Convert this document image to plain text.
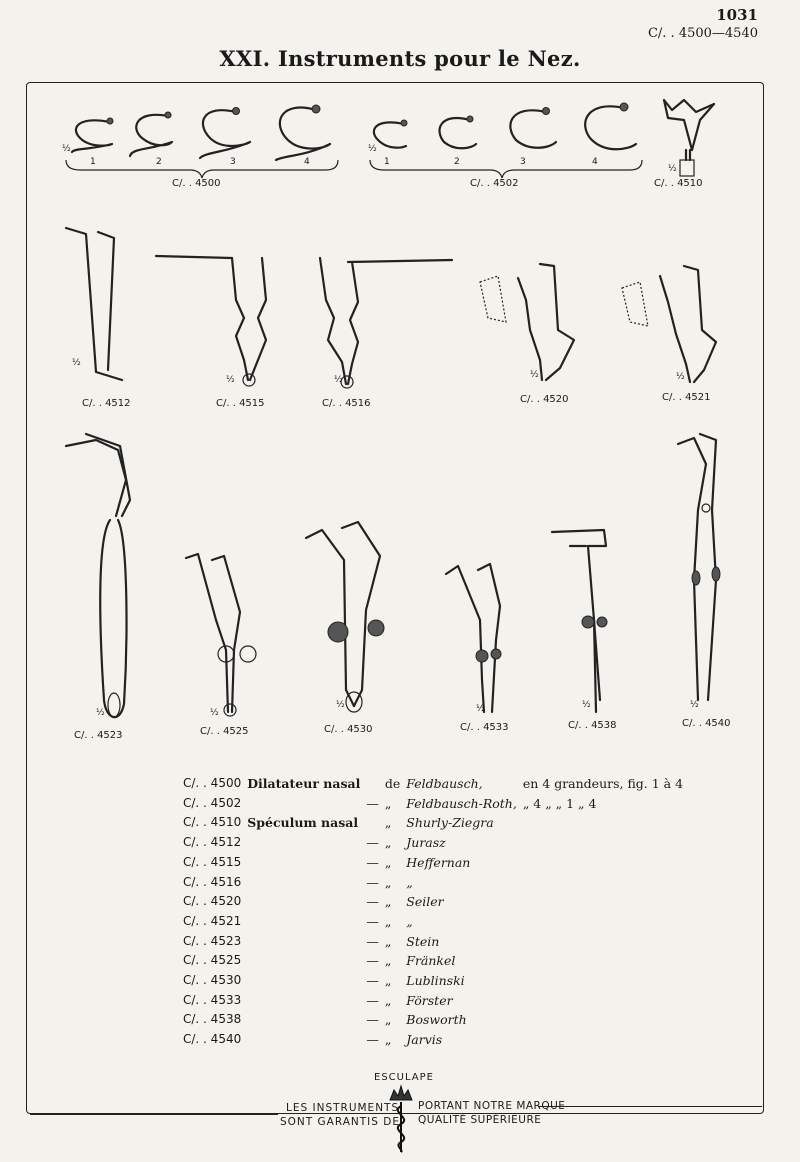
1031
C/. . 4500—4540
XXI. Instruments pour le Nez.
1	2	3	4	1	2	3	4
½	½
½
½
½	½	½	½
½	½
½	½	½	½
C/. . 4500	C/. . 4502	C/. . 4510
C/. . 4512	C/. . 4515	C/. . 4516	C/. . 4520	C/. . 4521
C/. . 4523	C/. . 4525	C/. . 4530	C/. . 4533	C/. . 4538	C/. . 4540
C/. . 4500	Dilatateur nasal		de	Feldbausch,	en 4 grandeurs, fig. 1 à 4
C/. . 4502		—	„	Feldbausch-Roth,	„ 4 „ „ 1 „ 4
C/. . 4510	Spéculum nasal		„	Shurly-Ziegra	
C/. . 4512		—	„	Jurasz	
C/. . 4515		—	„	Heffernan	
C/. . 4516		—	„	„	
C/. . 4520		—	„	Seiler	
C/. . 4521		—	„	„	
C/. . 4523		—	„	Stein	
C/. . 4525		—	„	Fränkel	
C/. . 4530		—	„	Lublinski	
C/. . 4533		—	„	Förster	
C/. . 4538		—	„	Bosworth	
C/. . 4540		—	„	Jarvis	
ESCULAPE
LES INSTRUMENTS
SONT GARANTIS DE
PORTANT NOTRE MARQUE
QUALITÉ SUPÉRIEURE
